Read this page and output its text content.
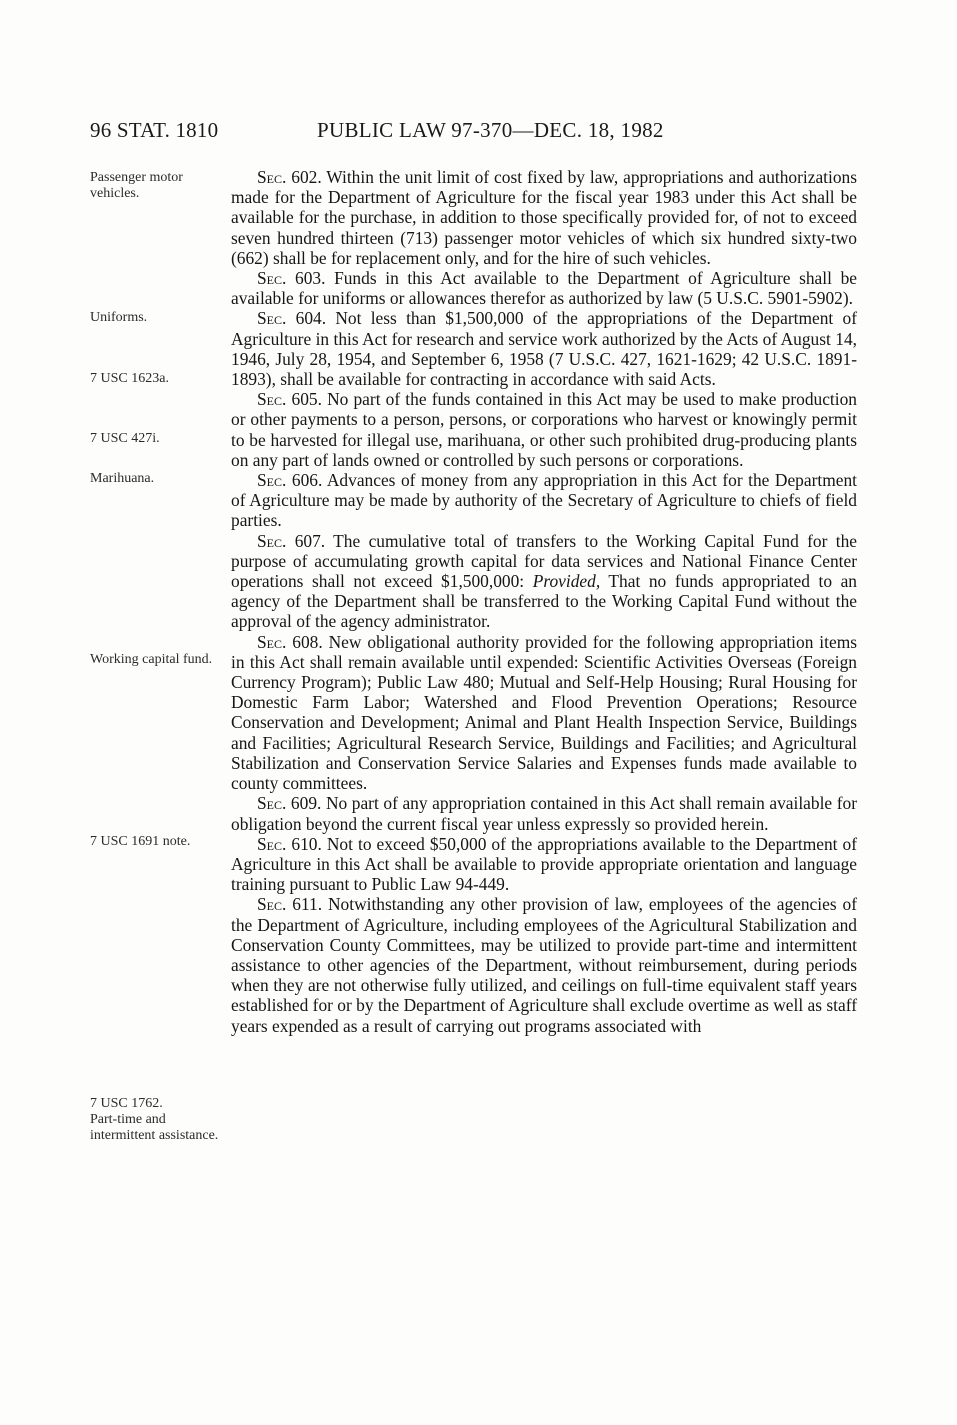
96 STAT. 1810	PUBLIC LAW 97-370—DEC. 18, 1982
Passenger motor vehicles.
Uniforms.
7 USC 1623a.
7 USC 427i.
Marihuana.
Working capital fund.
7 USC 1691 note.
7 USC 1762.
Part-time and intermittent assistance.

Sec. 602. Within the unit limit of cost fixed by law, appropriations and authorizations made for the Department of Agriculture for the fiscal year 1983 under this Act shall be available for the purchase, in addition to those specifically provided for, of not to exceed seven hundred thirteen (713) passenger motor vehicles of which six hundred sixty-two (662) shall be for replacement only, and for the hire of such vehicles.

Sec. 603. Funds in this Act available to the Department of Agriculture shall be available for uniforms or allowances therefor as authorized by law (5 U.S.C. 5901-5902).

Sec. 604. Not less than $1,500,000 of the appropriations of the Department of Agriculture in this Act for research and service work authorized by the Acts of August 14, 1946, July 28, 1954, and September 6, 1958 (7 U.S.C. 427, 1621-1629; 42 U.S.C. 1891-1893), shall be available for contracting in accordance with said Acts.

Sec. 605. No part of the funds contained in this Act may be used to make production or other payments to a person, persons, or corporations who harvest or knowingly permit to be harvested for illegal use, marihuana, or other such prohibited drug-producing plants on any part of lands owned or controlled by such persons or corporations.

Sec. 606. Advances of money from any appropriation in this Act for the Department of Agriculture may be made by authority of the Secretary of Agriculture to chiefs of field parties.

Sec. 607. The cumulative total of transfers to the Working Capital Fund for the purpose of accumulating growth capital for data services and National Finance Center operations shall not exceed $1,500,000: Provided, That no funds appropriated to an agency of the Department shall be transferred to the Working Capital Fund without the approval of the agency administrator.

Sec. 608. New obligational authority provided for the following appropriation items in this Act shall remain available until expended: Scientific Activities Overseas (Foreign Currency Program); Public Law 480; Mutual and Self-Help Housing; Rural Housing for Domestic Farm Labor; Watershed and Flood Prevention Operations; Resource Conservation and Development; Animal and Plant Health Inspection Service, Buildings and Facilities; Agricultural Research Service, Buildings and Facilities; and Agricultural Stabilization and Conservation Service Salaries and Expenses funds made available to county committees.

Sec. 609. No part of any appropriation contained in this Act shall remain available for obligation beyond the current fiscal year unless expressly so provided herein.

Sec. 610. Not to exceed $50,000 of the appropriations available to the Department of Agriculture in this Act shall be available to provide appropriate orientation and language training pursuant to Public Law 94-449.

Sec. 611. Notwithstanding any other provision of law, employees of the agencies of the Department of Agriculture, including employees of the Agricultural Stabilization and Conservation County Committees, may be utilized to provide part-time and intermittent assistance to other agencies of the Department, without reimbursement, during periods when they are not otherwise fully utilized, and ceilings on full-time equivalent staff years established for or by the Department of Agriculture shall exclude overtime as well as staff years expended as a result of carrying out programs associated with
